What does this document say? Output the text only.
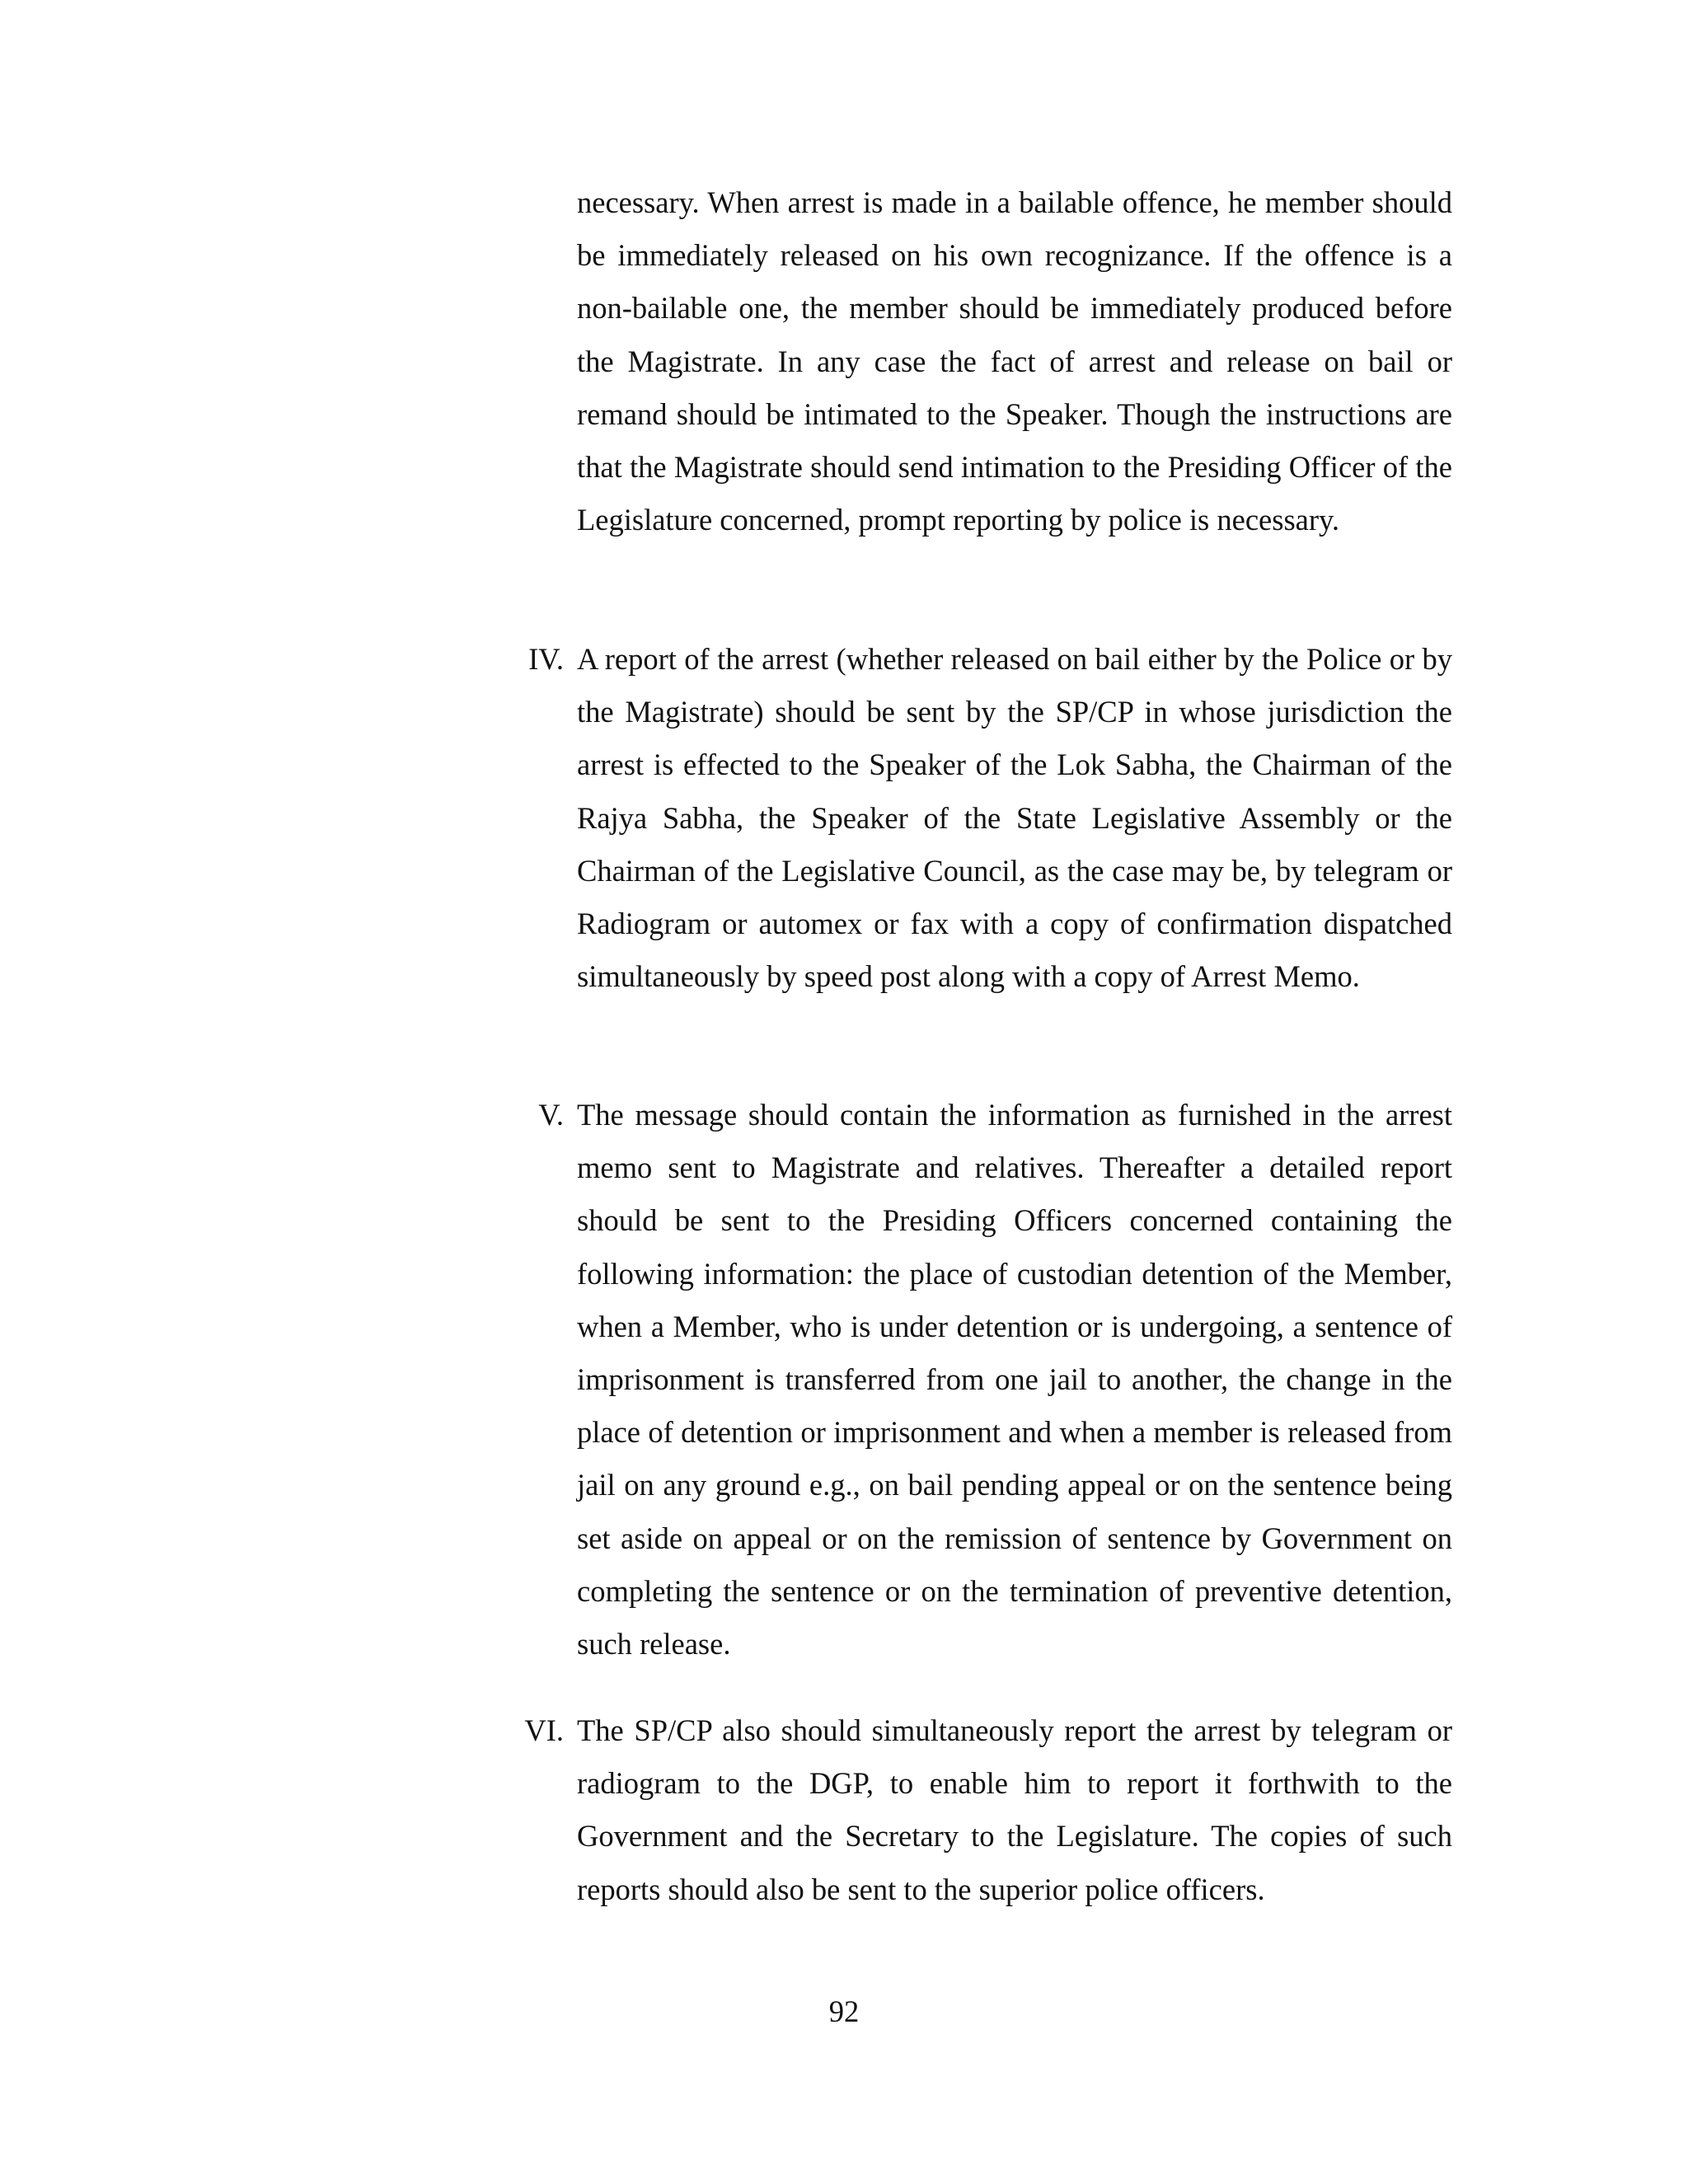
necessary. When arrest is made in a bailable offence, he member should be immediately released on his own recognizance. If the offence is a non-bailable one, the member should be immediately produced before the Magistrate. In any case the fact of arrest and release on bail or remand should be intimated to the Speaker. Though the instructions are that the Magistrate should send intimation to the Presiding Officer of the Legislature concerned, prompt reporting by police is necessary.
IV. A report of the arrest (whether released on bail either by the Police or by the Magistrate) should be sent by the SP/CP in whose jurisdiction the arrest is effected to the Speaker of the Lok Sabha, the Chairman of the Rajya Sabha, the Speaker of the State Legislative Assembly or the Chairman of the Legislative Council, as the case may be, by telegram or Radiogram or automex or fax with a copy of confirmation dispatched simultaneously by speed post along with a copy of Arrest Memo.
V. The message should contain the information as furnished in the arrest memo sent to Magistrate and relatives. Thereafter a detailed report should be sent to the Presiding Officers concerned containing the following information: the place of custodian detention of the Member, when a Member, who is under detention or is undergoing, a sentence of imprisonment is transferred from one jail to another, the change in the place of detention or imprisonment and when a member is released from jail on any ground e.g., on bail pending appeal or on the sentence being set aside on appeal or on the remission of sentence by Government on completing the sentence or on the termination of preventive detention, such release.
VI. The SP/CP also should simultaneously report the arrest by telegram or radiogram to the DGP, to enable him to report it forthwith to the Government and the Secretary to the Legislature. The copies of such reports should also be sent to the superior police officers.
92
